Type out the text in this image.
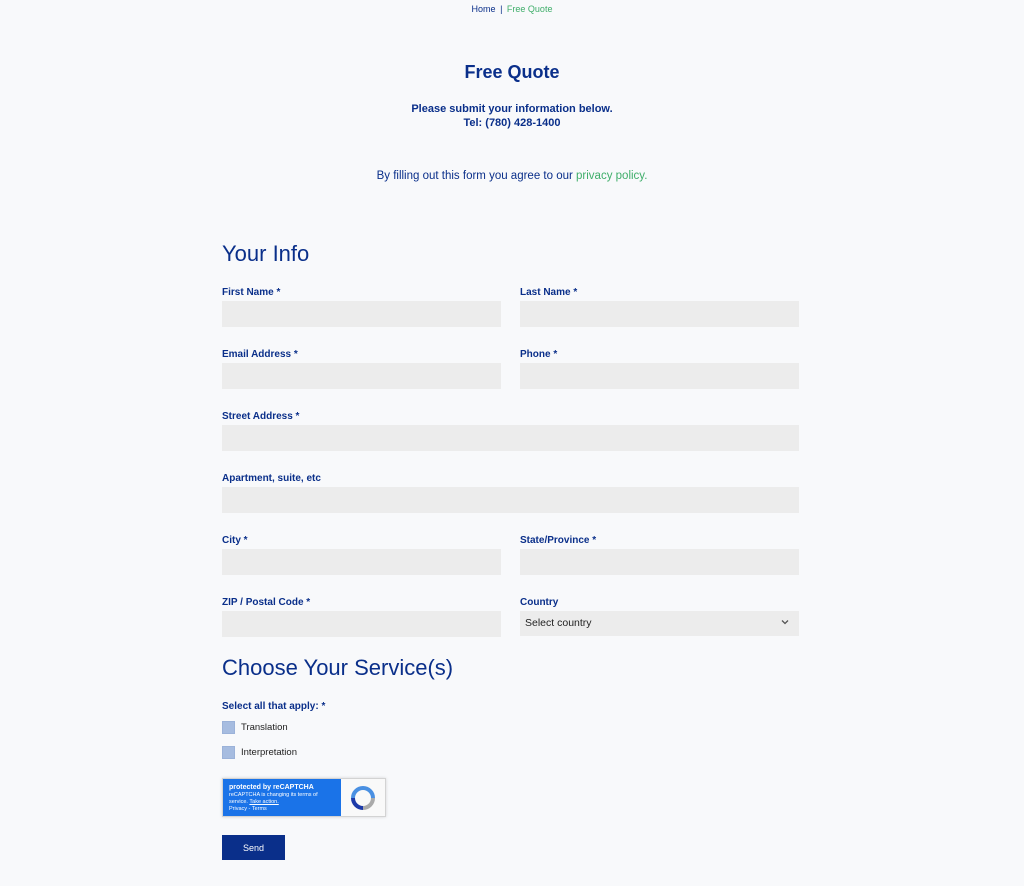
Home | Free Quote
Free Quote
Please submit your information below.
Tel: (780) 428-1400
By filling out this form you agree to our privacy policy.
Your Info
First Name *	Last Name *
Email Address *	Phone *
Street Address *
Apartment, suite, etc
City *	State/Province *
ZIP / Postal Code *	Country
Select country
Choose Your Service(s)
Select all that apply: *
Translation
Interpretation
protected by reCAPTCHA
reCAPTCHA is changing its terms of service. Take action.
Privacy - Terms
Send
